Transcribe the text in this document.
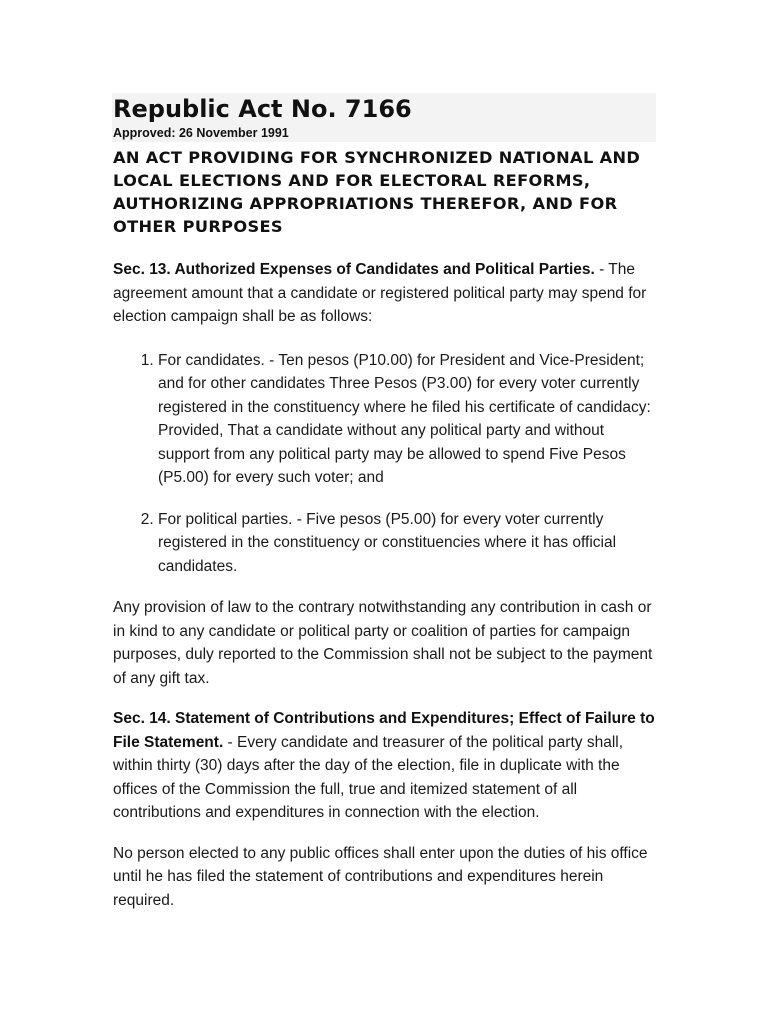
Republic Act No. 7166
Approved: 26 November 1991
AN ACT PROVIDING FOR SYNCHRONIZED NATIONAL AND LOCAL ELECTIONS AND FOR ELECTORAL REFORMS, AUTHORIZING APPROPRIATIONS THEREFOR, AND FOR OTHER PURPOSES

Sec. 13. Authorized Expenses of Candidates and Political Parties. - The agreement amount that a candidate or registered political party may spend for election campaign shall be as follows:

1. For candidates. - Ten pesos (P10.00) for President and Vice-President; and for other candidates Three Pesos (P3.00) for every voter currently registered in the constituency where he filed his certificate of candidacy: Provided, That a candidate without any political party and without support from any political party may be allowed to spend Five Pesos (P5.00) for every such voter; and
2. For political parties. - Five pesos (P5.00) for every voter currently registered in the constituency or constituencies where it has official candidates.

Any provision of law to the contrary notwithstanding any contribution in cash or in kind to any candidate or political party or coalition of parties for campaign purposes, duly reported to the Commission shall not be subject to the payment of any gift tax.

Sec. 14. Statement of Contributions and Expenditures; Effect of Failure to File Statement. - Every candidate and treasurer of the political party shall, within thirty (30) days after the day of the election, file in duplicate with the offices of the Commission the full, true and itemized statement of all contributions and expenditures in connection with the election.

No person elected to any public offices shall enter upon the duties of his office until he has filed the statement of contributions and expenditures herein required.
